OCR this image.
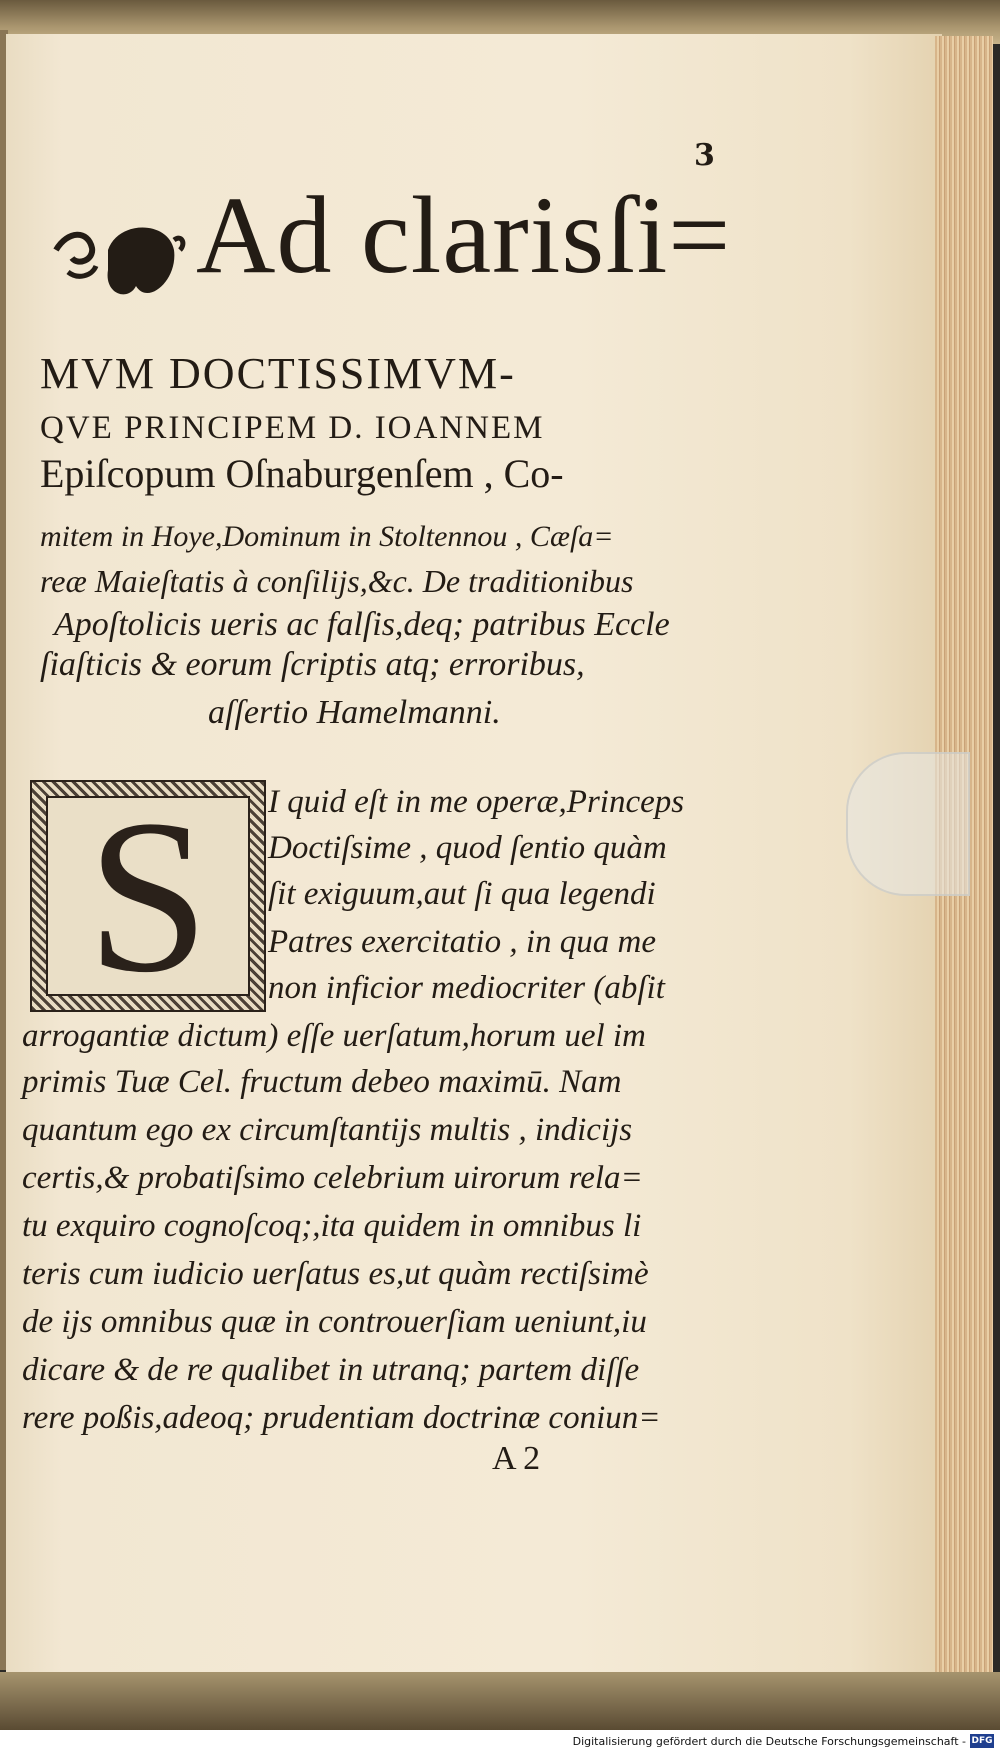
3
Ad clarisſi=
MVM DOCTISSIMVM-
QVE PRINCIPEM D. IOANNEM
Epiſcopum Oſnaburgenſem , Co-
mitem in Hoye,Dominum in Stoltennou , Cæſa=
reæ Maieſtatis à conſilijs,&c. De traditionibus
Apoſtolicis ueris ac falſis,deq; patribus Eccle
ſiaſticis & eorum ſcriptis atq; erroribus,
aſſertio Hamelmanni.
S I quid eſt in me operæ,Princeps
Doctiſsime , quod ſentio quàm
ſit exiguum,aut ſi qua legendi
Patres exercitatio , in qua me
non inficior mediocriter (abſit
arrogantiæ dictum) eſſe uerſatum,horum uel im
primis Tuæ Cel. fructum debeo maximū. Nam
quantum ego ex circumſtantijs multis , indicijs
certis,& probatiſsimo celebrium uirorum rela=
tu exquiro cognoſcoq;,ita quidem in omnibus li
teris cum iudicio uerſatus es,ut quàm rectiſsimè
de ijs omnibus quæ in controuerſiam ueniunt,iu
dicare & de re qualibet in utranq; partem diſſe
rere poßis,adeoq; prudentiam doctrinæ coniun=
A 2
Digitalisierung gefördert durch die Deutsche Forschungsgemeinschaft - DFG
